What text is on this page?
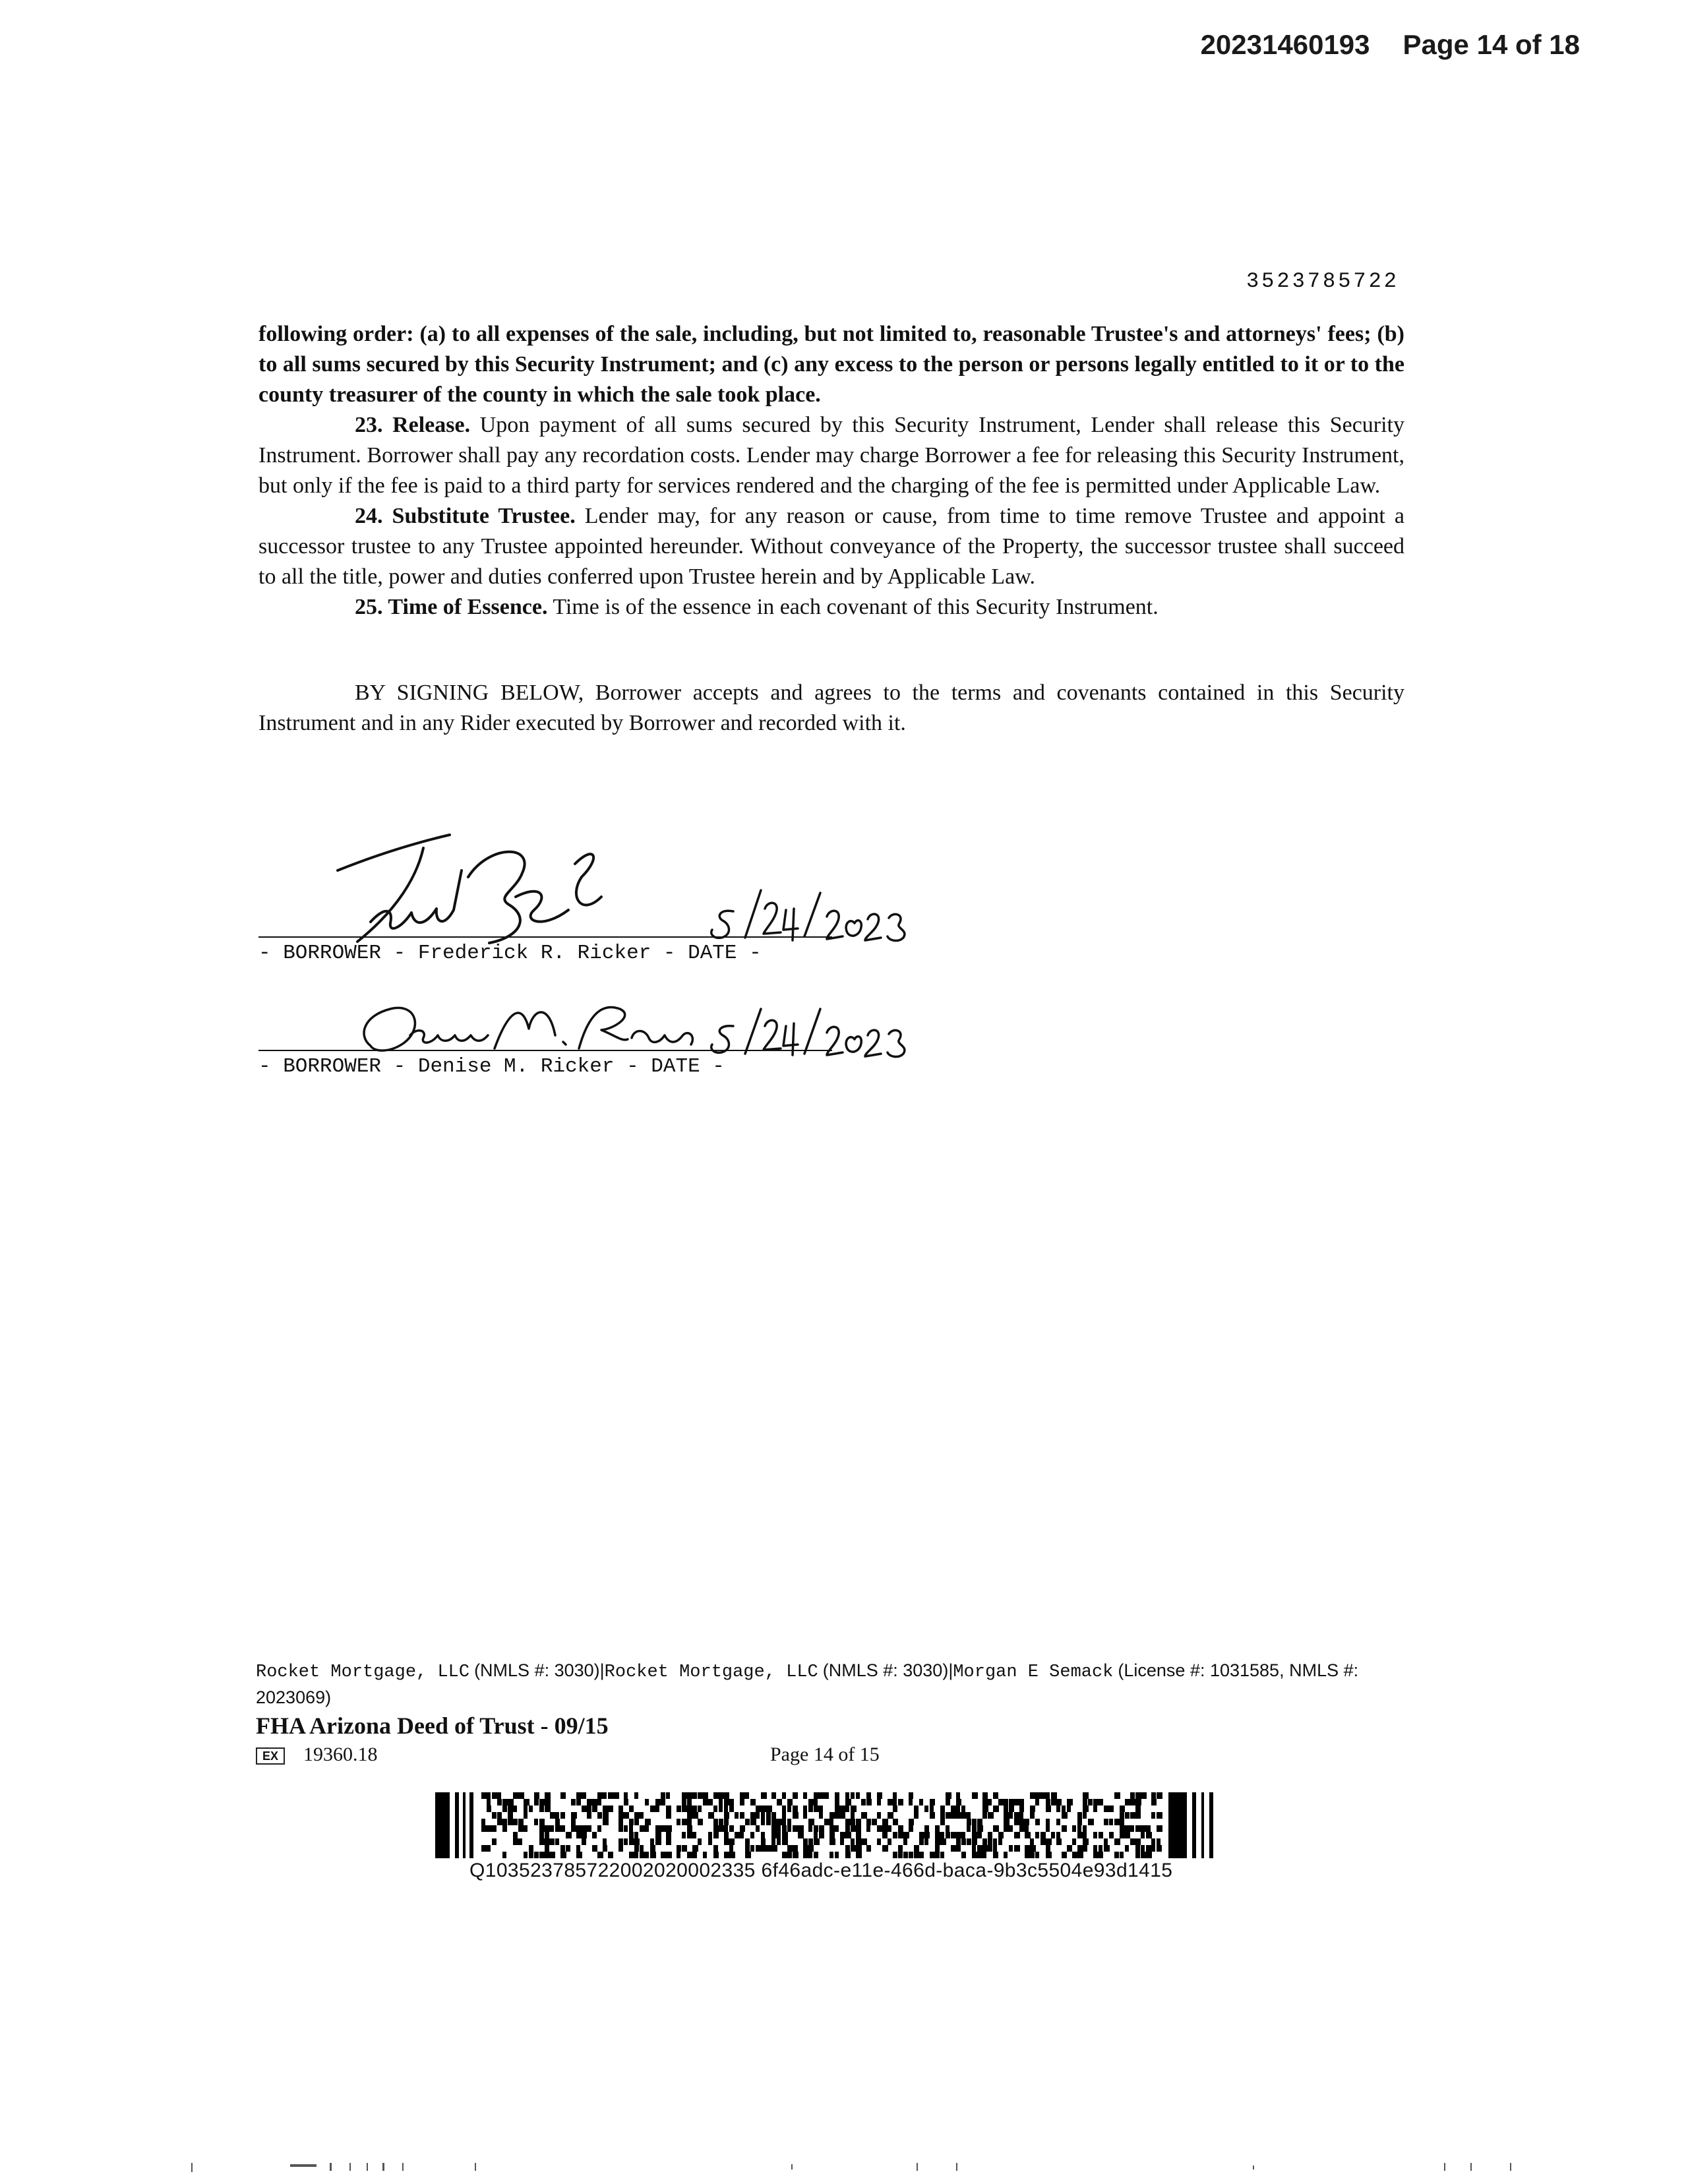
20231460193 Page 14 of 18
3523785722

following order: (a) to all expenses of the sale, including, but not limited to, reasonable Trustee's and attorneys' fees; (b) to all sums secured by this Security Instrument; and (c) any excess to the person or persons legally entitled to it or to the county treasurer of the county in which the sale took place.

23. Release. Upon payment of all sums secured by this Security Instrument, Lender shall release this Security Instrument. Borrower shall pay any recordation costs. Lender may charge Borrower a fee for releasing this Security Instrument, but only if the fee is paid to a third party for services rendered and the charging of the fee is permitted under Applicable Law.

24. Substitute Trustee. Lender may, for any reason or cause, from time to time remove Trustee and appoint a successor trustee to any Trustee appointed hereunder. Without conveyance of the Property, the successor trustee shall succeed to all the title, power and duties conferred upon Trustee herein and by Applicable Law.

25. Time of Essence. Time is of the essence in each covenant of this Security Instrument.

BY SIGNING BELOW, Borrower accepts and agrees to the terms and covenants contained in this Security Instrument and in any Rider executed by Borrower and recorded with it.

- BORROWER - Frederick R. Ricker - DATE -
- BORROWER - Denise M. Ricker - DATE -
Rocket Mortgage, LLC (NMLS #: 3030)|Rocket Mortgage, LLC (NMLS #: 3030)|Morgan E Semack (License #: 1031585, NMLS #: 2023069)
FHA Arizona Deed of Trust - 09/15
EX	19360.18	Page 14 of 15
Q103523785722002020002335 6f46adc-e11e-466d-baca-9b3c5504e93d1415
